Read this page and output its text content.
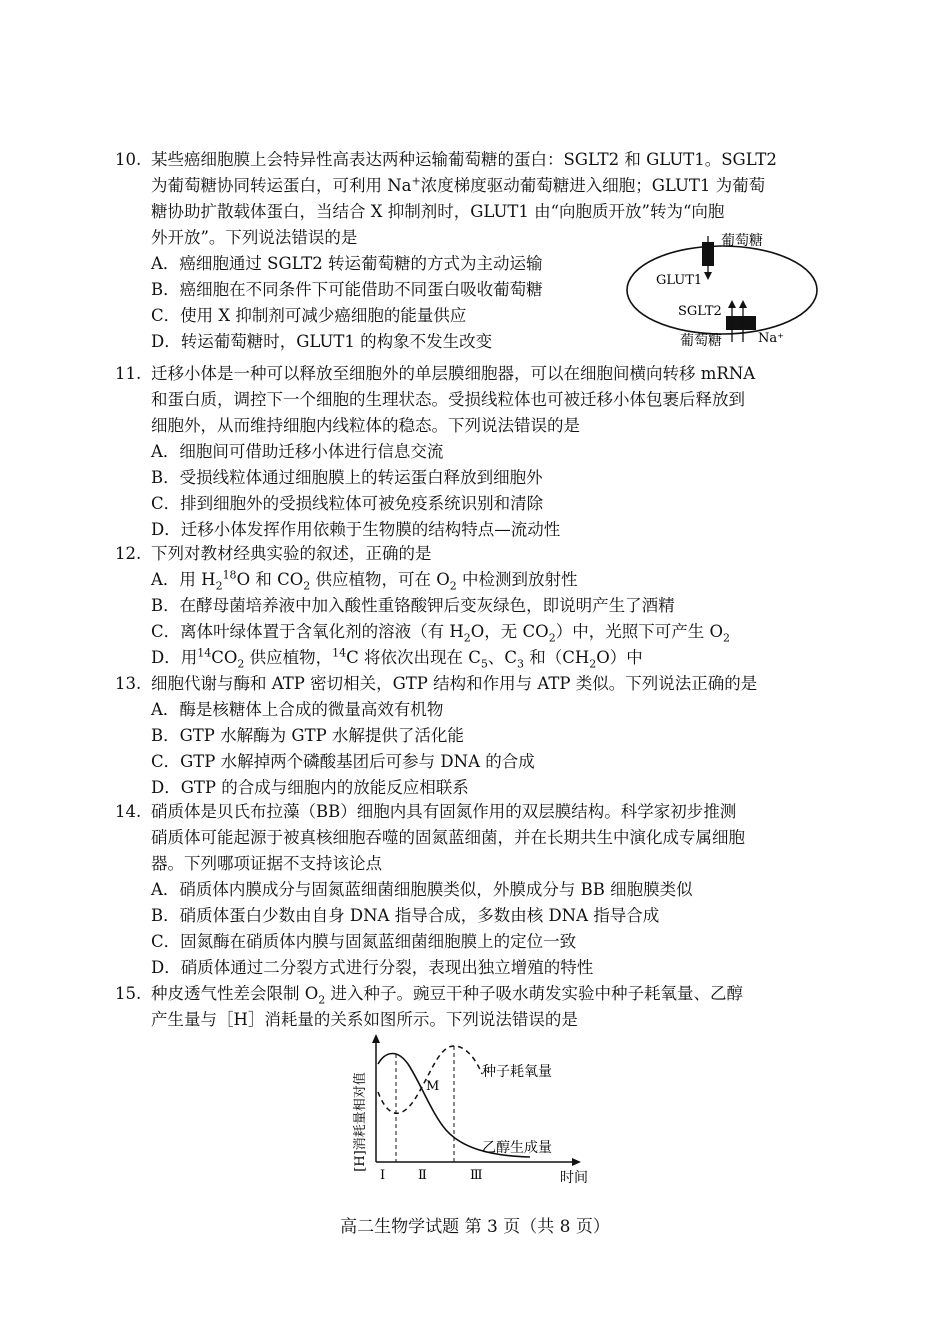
10. 某些癌细胞膜上会特异性高表达两种运输葡萄糖的蛋白：SGLT2 和 GLUT1。SGLT2
为葡萄糖协同转运蛋白，可利用 Na+浓度梯度驱动葡萄糖进入细胞；GLUT1 为葡萄
糖协助扩散载体蛋白，当结合 X 抑制剂时，GLUT1 由“向胞质开放”转为“向胞
外开放”。下列说法错误的是
A．癌细胞通过 SGLT2 转运葡萄糖的方式为主动运输
B．癌细胞在不同条件下可能借助不同蛋白吸收葡萄糖
C．使用 X 抑制剂可减少癌细胞的能量供应
D．转运葡萄糖时，GLUT1 的构象不发生改变
葡萄糖
GLUT1
SGLT2
葡萄糖	Na⁺
11. 迁移小体是一种可以释放至细胞外的单层膜细胞器，可以在细胞间横向转移 mRNA
和蛋白质，调控下一个细胞的生理状态。受损线粒体也可被迁移小体包裹后释放到
细胞外，从而维持细胞内线粒体的稳态。下列说法错误的是
A．细胞间可借助迁移小体进行信息交流
B．受损线粒体通过细胞膜上的转运蛋白释放到细胞外
C．排到细胞外的受损线粒体可被免疫系统识别和清除
D．迁移小体发挥作用依赖于生物膜的结构特点—流动性
12. 下列对教材经典实验的叙述，正确的是
A．用 $H_2^{18}O$ 和 $CO_2$ 供应植物，可在 $O_2$ 中检测到放射性
B．在酵母菌培养液中加入酸性重铬酸钾后变灰绿色，即说明产生了酒精
C．离体叶绿体置于含氧化剂的溶液（有 $H_2O$，无 $CO_2$）中，光照下可产生 $O_2$
D．用$^{14}CO_2$ 供应植物，$^{14}$C 将依次出现在 $C_5$、$C_3$ 和$(CH_2O)$中
13. 细胞代谢与酶和 ATP 密切相关，GTP 结构和作用与 ATP 类似。下列说法正确的是
A．酶是核糖体上合成的微量高效有机物
B．GTP 水解酶为 GTP 水解提供了活化能
C．GTP 水解掉两个磷酸基团后可参与 DNA 的合成
D．GTP 的合成与细胞内的放能反应相联系
14. 硝质体是贝氏布拉藻（BB）细胞内具有固氮作用的双层膜结构。科学家初步推测
硝质体可能起源于被真核细胞吞噬的固氮蓝细菌，并在长期共生中演化成专属细胞
器。下列哪项证据不支持该论点
A．硝质体内膜成分与固氮蓝细菌细胞膜类似，外膜成分与 BB 细胞膜类似
B．硝质体蛋白少数由自身 DNA 指导合成，多数由核 DNA 指导合成
C．固氮酶在硝质体内膜与固氮蓝细菌细胞膜上的定位一致
D．硝质体通过二分裂方式进行分裂，表现出独立增殖的特性
15. 种皮透气性差会限制 $O_2$ 进入种子。豌豆干种子吸水萌发实验中种子耗氧量、乙醇
产生量与［H］消耗量的关系如图所示。下列说法错误的是
[H]消耗量相对值
时间
M
种子耗氧量
乙醇生成量
Ⅰ	Ⅱ	Ⅲ
高二生物学试题 第 3 页（共 8 页）
